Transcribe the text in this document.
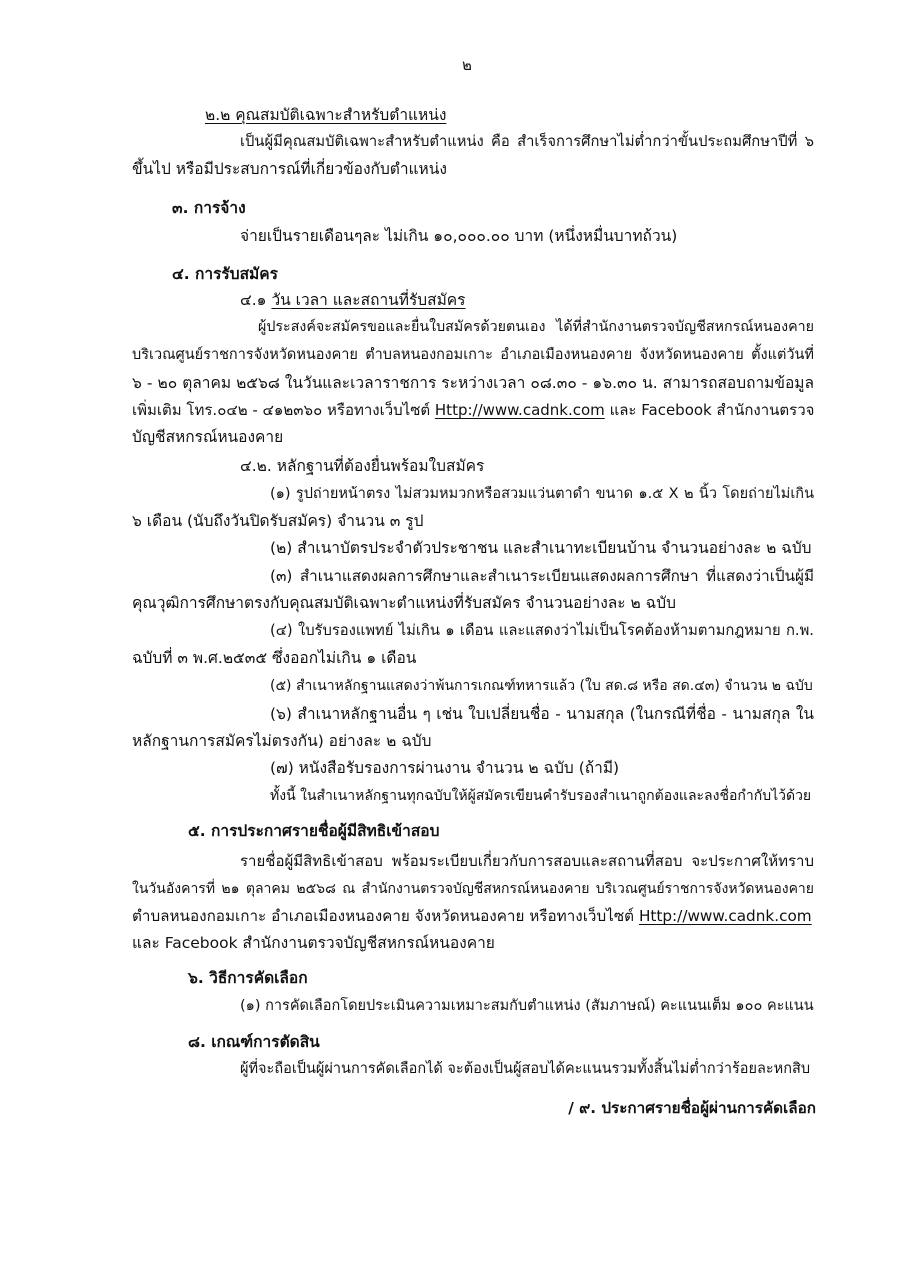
๒
๒.๒ คุณสมบัติเฉพาะสำหรับตำแหน่ง
เป็นผู้มีคุณสมบัติเฉพาะสำหรับตำแหน่ง คือ สำเร็จการศึกษาไม่ต่ำกว่าขั้นประถมศึกษาปีที่ ๖
ขึ้นไป หรือมีประสบการณ์ที่เกี่ยวข้องกับตำแหน่ง
๓. การจ้าง
จ่ายเป็นรายเดือนๆละ ไม่เกิน ๑๐,๐๐๐.๐๐ บาท (หนึ่งหมื่นบาทถ้วน)
๔. การรับสมัคร
๔.๑ วัน เวลา และสถานที่รับสมัคร
ผู้ประสงค์จะสมัครขอและยื่นใบสมัครด้วยตนเอง ได้ที่สำนักงานตรวจบัญชีสหกรณ์หนองคาย
บริเวณศูนย์ราชการจังหวัดหนองคาย ตำบลหนองกอมเกาะ อำเภอเมืองหนองคาย จังหวัดหนองคาย ตั้งแต่วันที่
๖ - ๒๐ ตุลาคม ๒๕๖๘ ในวันและเวลาราชการ ระหว่างเวลา ๐๘.๓๐ - ๑๖.๓๐ น. สามารถสอบถามข้อมูล
เพิ่มเติม โทร.๐๔๒ - ๔๑๒๓๖๐ หรือทางเว็บไซต์ Http://www.cadnk.com และ Facebook สำนักงานตรวจ
บัญชีสหกรณ์หนองคาย
๔.๒. หลักฐานที่ต้องยื่นพร้อมใบสมัคร
(๑) รูปถ่ายหน้าตรง ไม่สวมหมวกหรือสวมแว่นตาดำ ขนาด ๑.๕ X ๒ นิ้ว โดยถ่ายไม่เกิน
๖ เดือน (นับถึงวันปิดรับสมัคร) จำนวน ๓ รูป
(๒) สำเนาบัตรประจำตัวประชาชน และสำเนาทะเบียนบ้าน จำนวนอย่างละ ๒ ฉบับ
(๓) สำเนาแสดงผลการศึกษาและสำเนาระเบียนแสดงผลการศึกษา ที่แสดงว่าเป็นผู้มี
คุณวุฒิการศึกษาตรงกับคุณสมบัติเฉพาะตำแหน่งที่รับสมัคร จำนวนอย่างละ ๒ ฉบับ
(๔) ใบรับรองแพทย์ ไม่เกิน ๑ เดือน และแสดงว่าไม่เป็นโรคต้องห้ามตามกฎหมาย ก.พ.
ฉบับที่ ๓ พ.ศ.๒๕๓๕ ซึ่งออกไม่เกิน ๑ เดือน
(๕) สำเนาหลักฐานแสดงว่าพ้นการเกณฑ์ทหารแล้ว (ใบ สด.๘ หรือ สด.๔๓) จำนวน ๒ ฉบับ
(๖) สำเนาหลักฐานอื่น ๆ เช่น ใบเปลี่ยนชื่อ - นามสกุล (ในกรณีที่ชื่อ - นามสกุล ใน
หลักฐานการสมัครไม่ตรงกัน) อย่างละ ๒ ฉบับ
(๗) หนังสือรับรองการผ่านงาน จำนวน ๒ ฉบับ (ถ้ามี)
ทั้งนี้ ในสำเนาหลักฐานทุกฉบับให้ผู้สมัครเขียนคำรับรองสำเนาถูกต้องและลงชื่อกำกับไว้ด้วย
๕. การประกาศรายชื่อผู้มีสิทธิเข้าสอบ
รายชื่อผู้มีสิทธิเข้าสอบ พร้อมระเบียบเกี่ยวกับการสอบและสถานที่สอบ จะประกาศให้ทราบ
ในวันอังคารที่ ๒๑ ตุลาคม ๒๕๖๘ ณ สำนักงานตรวจบัญชีสหกรณ์หนองคาย บริเวณศูนย์ราชการจังหวัดหนองคาย
ตำบลหนองกอมเกาะ อำเภอเมืองหนองคาย จังหวัดหนองคาย หรือทางเว็บไซต์ Http://www.cadnk.com
และ Facebook สำนักงานตรวจบัญชีสหกรณ์หนองคาย
๖. วิธีการคัดเลือก
(๑) การคัดเลือกโดยประเมินความเหมาะสมกับตำแหน่ง (สัมภาษณ์) คะแนนเต็ม ๑๐๐ คะแนน
๘. เกณฑ์การตัดสิน
ผู้ที่จะถือเป็นผู้ผ่านการคัดเลือกได้ จะต้องเป็นผู้สอบได้คะแนนรวมทั้งสิ้นไม่ต่ำกว่าร้อยละหกสิบ
/ ๙. ประกาศรายชื่อผู้ผ่านการคัดเลือก
